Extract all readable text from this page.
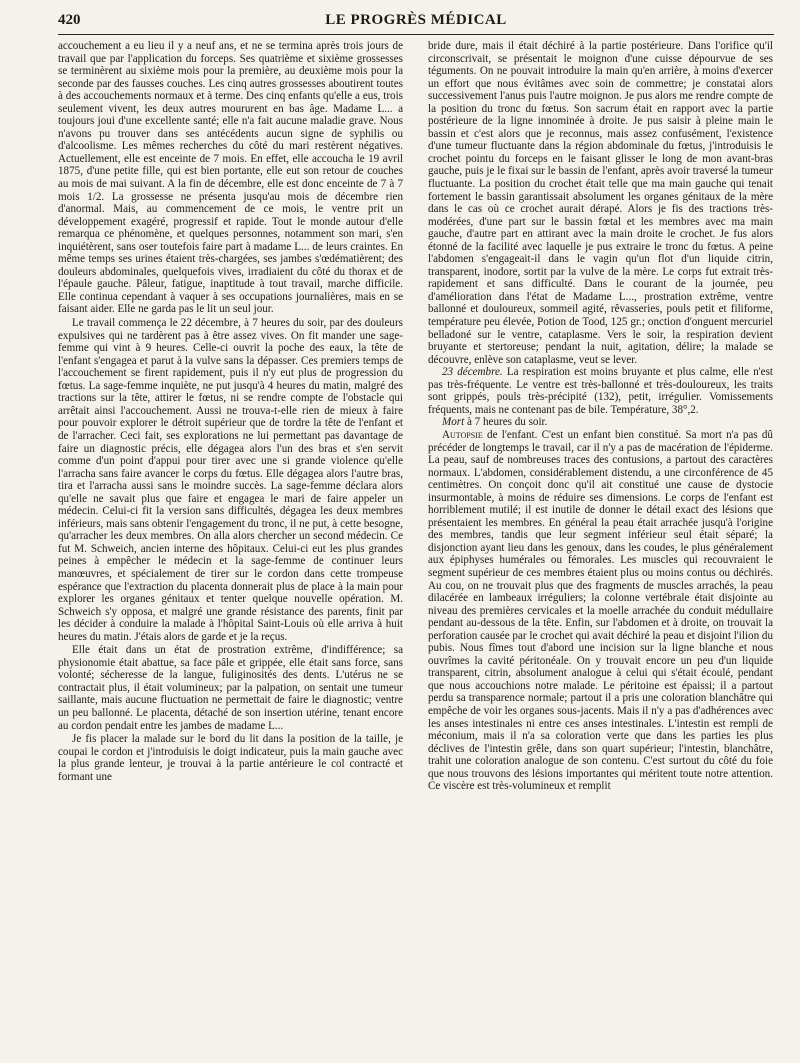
420	LE PROGRÈS MÉDICAL

accouchement a eu lieu il y a neuf ans, et ne se termina après trois jours de travail que par l'application du forceps. Ses quatrième et sixième grossesses se terminèrent au sixième mois pour la première, au deuxième mois pour la seconde par des fausses couches. Les cinq autres grossesses aboutirent toutes à des accouchements normaux et à terme. Des cinq enfants qu'elle a eus, trois seulement vivent, les deux autres moururent en bas âge. Madame L... a toujours joui d'une excellente santé; elle n'a fait aucune maladie grave. Nous n'avons pu trouver dans ses antécédents aucun signe de syphilis ou d'alcoolisme. Les mêmes recherches du côté du mari restèrent négatives. Actuellement, elle est enceinte de 7 mois. En effet, elle accoucha le 19 avril 1875, d'une petite fille, qui est bien portante, elle eut son retour de couches au mois de mai suivant. A la fin de décembre, elle est donc enceinte de 7 à 7 mois 1/2. La grossesse ne présenta jusqu'au mois de décembre rien d'anormal. Mais, au commencement de ce mois, le ventre prit un développement exagéré, progressif et rapide. Tout le monde autour d'elle remarqua ce phénomène, et quelques personnes, notamment son mari, s'en inquiétèrent, sans oser toutefois faire part à madame L... de leurs craintes. En même temps ses urines étaient très-chargées, ses jambes s'œdématièrent; des douleurs abdominales, quelquefois vives, irradiaient du côté du thorax et de l'épaule gauche. Pâleur, fatigue, inaptitude à tout travail, marche difficile. Elle continua cependant à vaquer à ses occupations journalières, mais en se faisant aider. Elle ne garda pas le lit un seul jour.

Le travail commença le 22 décembre, à 7 heures du soir, par des douleurs expulsives qui ne tardèrent pas à être assez vives. On fit mander une sage-femme qui vint à 9 heures. Celle-ci ouvrit la poche des eaux, la tête de l'enfant s'engagea et parut à la vulve sans la dépasser. Ces premiers temps de l'accouchement se firent rapidement, puis il n'y eut plus de progression du fœtus. La sage-femme inquiète, ne put jusqu'à 4 heures du matin, malgré des tractions sur la tête, attirer le fœtus, ni se rendre compte de l'obstacle qui arrêtait ainsi l'accouchement. Aussi ne trouva-t-elle rien de mieux à faire pour pouvoir explorer le détroit supérieur que de tordre la tête de l'enfant et de l'arracher. Ceci fait, ses explorations ne lui permettant pas davantage de faire un diagnostic précis, elle dégagea alors l'un des bras et s'en servit comme d'un point d'appui pour tirer avec une si grande violence qu'elle l'arracha sans faire avancer le corps du fœtus. Elle dégagea alors l'autre bras, tira et l'arracha aussi sans le moindre succès. La sage-femme déclara alors qu'elle ne savait plus que faire et engagea le mari de faire appeler un médecin. Celui-ci fit la version sans difficultés, dégagea les deux membres inférieurs, mais sans obtenir l'engagement du tronc, il ne put, à cette besogne, qu'arracher les deux membres. On alla alors chercher un second médecin. Ce fut M. Schweich, ancien interne des hôpitaux. Celui-ci eut les plus grandes peines à empêcher le médecin et la sage-femme de continuer leurs manœuvres, et spécialement de tirer sur le cordon dans cette trompeuse espérance que l'extraction du placenta donnerait plus de place à la main pour explorer les organes génitaux et tenter quelque nouvelle opération. M. Schweich s'y opposa, et malgré une grande résistance des parents, finit par les décider à conduire la malade à l'hôpital Saint-Louis où elle arriva à huit heures du matin. J'étais alors de garde et je la reçus.

Elle était dans un état de prostration extrême, d'indifférence; sa physionomie était abattue, sa face pâle et grippée, elle était sans force, sans volonté; sécheresse de la langue, fuliginosités des dents. L'utérus ne se contractait plus, il était volumineux; par la palpation, on sentait une tumeur saillante, mais aucune fluctuation ne permettait de faire le diagnostic; ventre un peu ballonné. Le placenta, détaché de son insertion utérine, tenant encore au cordon pendait entre les jambes de madame L...

Je fis placer la malade sur le bord du lit dans la position de la taille, je coupai le cordon et j'introduisis le doigt indicateur, puis la main gauche avec la plus grande lenteur, je trouvai à la partie antérieure le col contracté et formant une

bride dure, mais il était déchiré à la partie postérieure. Dans l'orifice qu'il circonscrivait, se présentait le moignon d'une cuisse dépourvue de ses téguments. On ne pouvait introduire la main qu'en arrière, à moins d'exercer un effort que nous évitâmes avec soin de commettre; je constatai alors successivement l'anus puis l'autre moignon. Je pus alors me rendre compte de la position du tronc du fœtus. Son sacrum était en rapport avec la partie postérieure de la ligne innominée à droite. Je pus saisir à pleine main le bassin et c'est alors que je reconnus, mais assez confusément, l'existence d'une tumeur fluctuante dans la région abdominale du fœtus, j'introduisis le crochet pointu du forceps en le faisant glisser le long de mon avant-bras gauche, puis je le fixai sur le bassin de l'enfant, après avoir traversé la tumeur fluctuante. La position du crochet était telle que ma main gauche qui tenait fortement le bassin garantissait absolument les organes génitaux de la mère dans le cas où ce crochet aurait dérapé. Alors je fis des tractions très-modérées, d'une part sur le bassin fœtal et les membres avec ma main gauche, d'autre part en attirant avec la main droite le crochet. Je fus alors étonné de la facilité avec laquelle je pus extraire le tronc du fœtus. A peine l'abdomen s'engageait-il dans le vagin qu'un flot d'un liquide citrin, transparent, inodore, sortit par la vulve de la mère. Le corps fut extrait très-rapidement et sans difficulté. Dans le courant de la journée, peu d'amélioration dans l'état de Madame L..., prostration extrême, ventre ballonné et douloureux, sommeil agité, rêvasseries, pouls petit et filiforme, température peu élevée, Potion de Tood, 125 gr.; onction d'onguent mercuriel belladoné sur le ventre, cataplasme. Vers le soir, la respiration devient bruyante et stertoreuse; pendant la nuit, agitation, délire; la malade se découvre, enlève son cataplasme, veut se lever.

23 décembre. La respiration est moins bruyante et plus calme, elle n'est pas très-fréquente. Le ventre est très-ballonné et très-douloureux, les traits sont grippés, pouls très-précipité (132), petit, irrégulier. Vomissements fréquents, mais ne contenant pas de bile. Température, 38°,2.

Mort à 7 heures du soir.

Autopsie de l'enfant. C'est un enfant bien constitué. Sa mort n'a pas dû précéder de longtemps le travail, car il n'y a pas de macération de l'épiderme. La peau, sauf de nombreuses traces des contusions, a partout des caractères normaux. L'abdomen, considérablement distendu, a une circonférence de 45 centimètres. On conçoit donc qu'il ait constitué une cause de dystocie insurmontable, à moins de réduire ses dimensions. Le corps de l'enfant est horriblement mutilé; il est inutile de donner le détail exact des lésions que présentaient les membres. En général la peau était arrachée jusqu'à l'origine des membres, tandis que leur segment inférieur seul était séparé; la disjonction ayant lieu dans les genoux, dans les coudes, le plus généralement aux épiphyses humérales ou fémorales. Les muscles qui recouvraient le segment supérieur de ces membres étaient plus ou moins contus ou déchirés. Au cou, on ne trouvait plus que des fragments de muscles arrachés, la peau dilacérée en lambeaux irréguliers; la colonne vertébrale était disjointe au niveau des premières cervicales et la moelle arrachée du conduit médullaire pendant au-dessous de la tête. Enfin, sur l'abdomen et à droite, on trouvait la perforation causée par le crochet qui avait déchiré la peau et disjoint l'ilion du pubis. Nous fîmes tout d'abord une incision sur la ligne blanche et nous ouvrîmes la cavité péritonéale. On y trouvait encore un peu d'un liquide transparent, citrin, absolument analogue à celui qui s'était écoulé, pendant que nous accouchions notre malade. Le péritoine est épaissi; il a partout perdu sa transparence normale; partout il a pris une coloration blanchâtre qui empêche de voir les organes sous-jacents. Mais il n'y a pas d'adhérences avec les anses intestinales ni entre ces anses intestinales. L'intestin est rempli de méconium, mais il n'a sa coloration verte que dans les parties les plus déclives de l'intestin grêle, dans son quart supérieur; l'intestin, blanchâtre, trahit une coloration analogue de son contenu. C'est surtout du côté du foie que nous trouvons des lésions importantes qui méritent toute notre attention. Ce viscère est très-volumineux et remplit
